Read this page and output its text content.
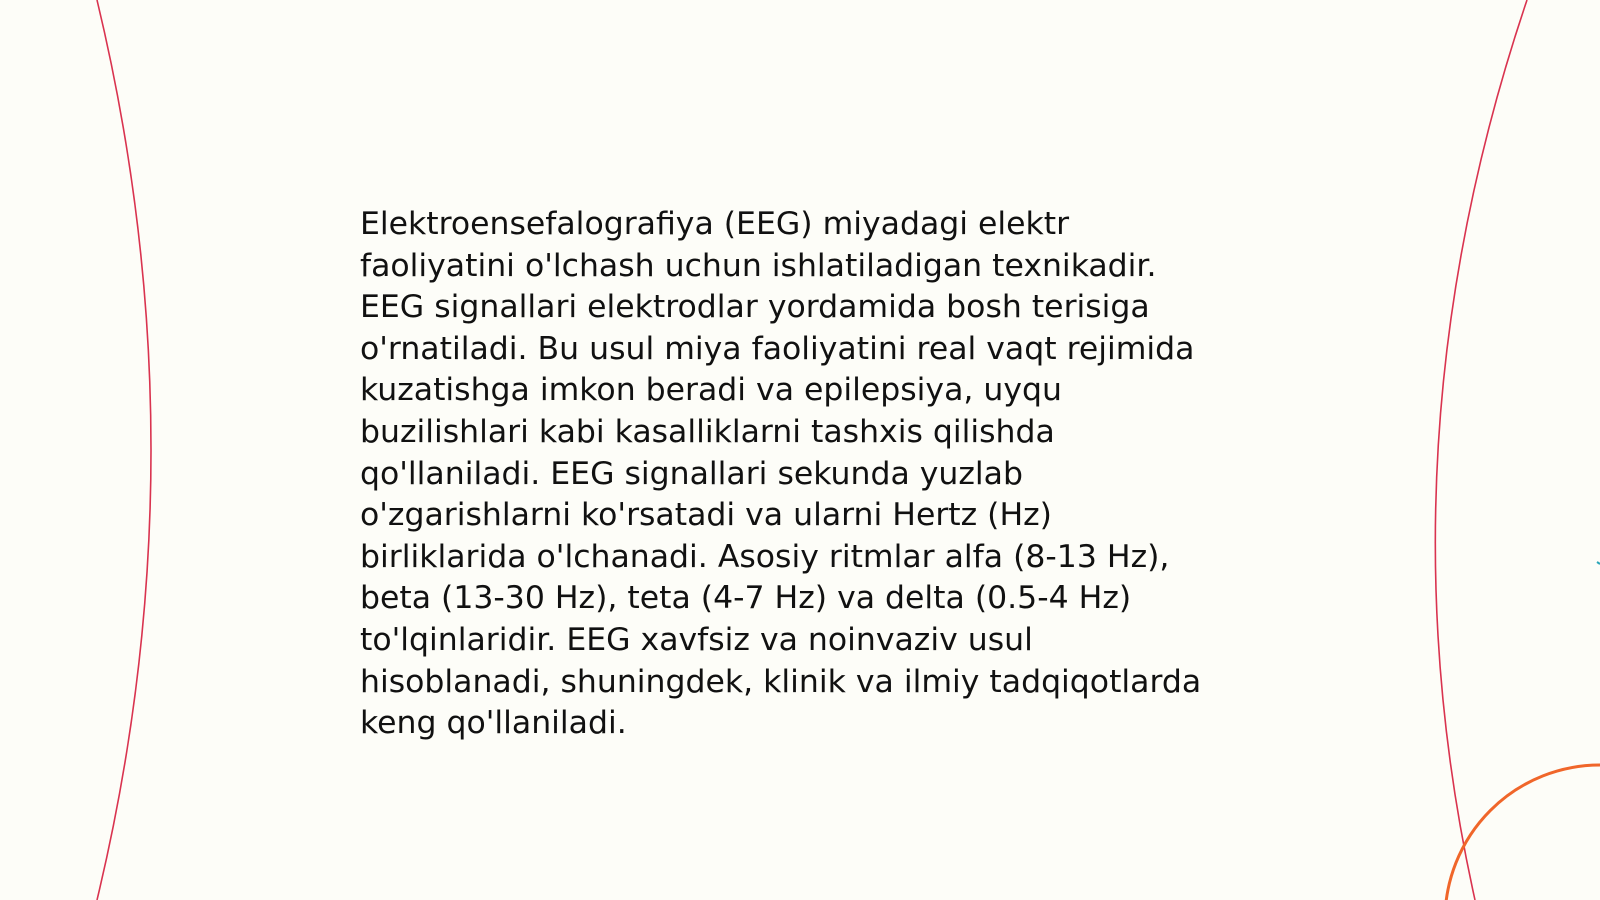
Elektroensefalografiya (EEG) miyadagi elektr
faoliyatini o'lchash uchun ishlatiladigan texnikadir.
EEG signallari elektrodlar yordamida bosh terisiga
o'rnatiladi. Bu usul miya faoliyatini real vaqt rejimida
kuzatishga imkon beradi va epilepsiya, uyqu
buzilishlari kabi kasalliklarni tashxis qilishda
qo'llaniladi. EEG signallari sekunda yuzlab
o'zgarishlarni ko'rsatadi va ularni Hertz (Hz)
birliklarida o'lchanadi. Asosiy ritmlar alfa (8-13 Hz),
beta (13-30 Hz), teta (4-7 Hz) va delta (0.5-4 Hz)
to'lqinlaridir. EEG xavfsiz va noinvaziv usul
hisoblanadi, shuningdek, klinik va ilmiy tadqiqotlarda
keng qo'llaniladi.
